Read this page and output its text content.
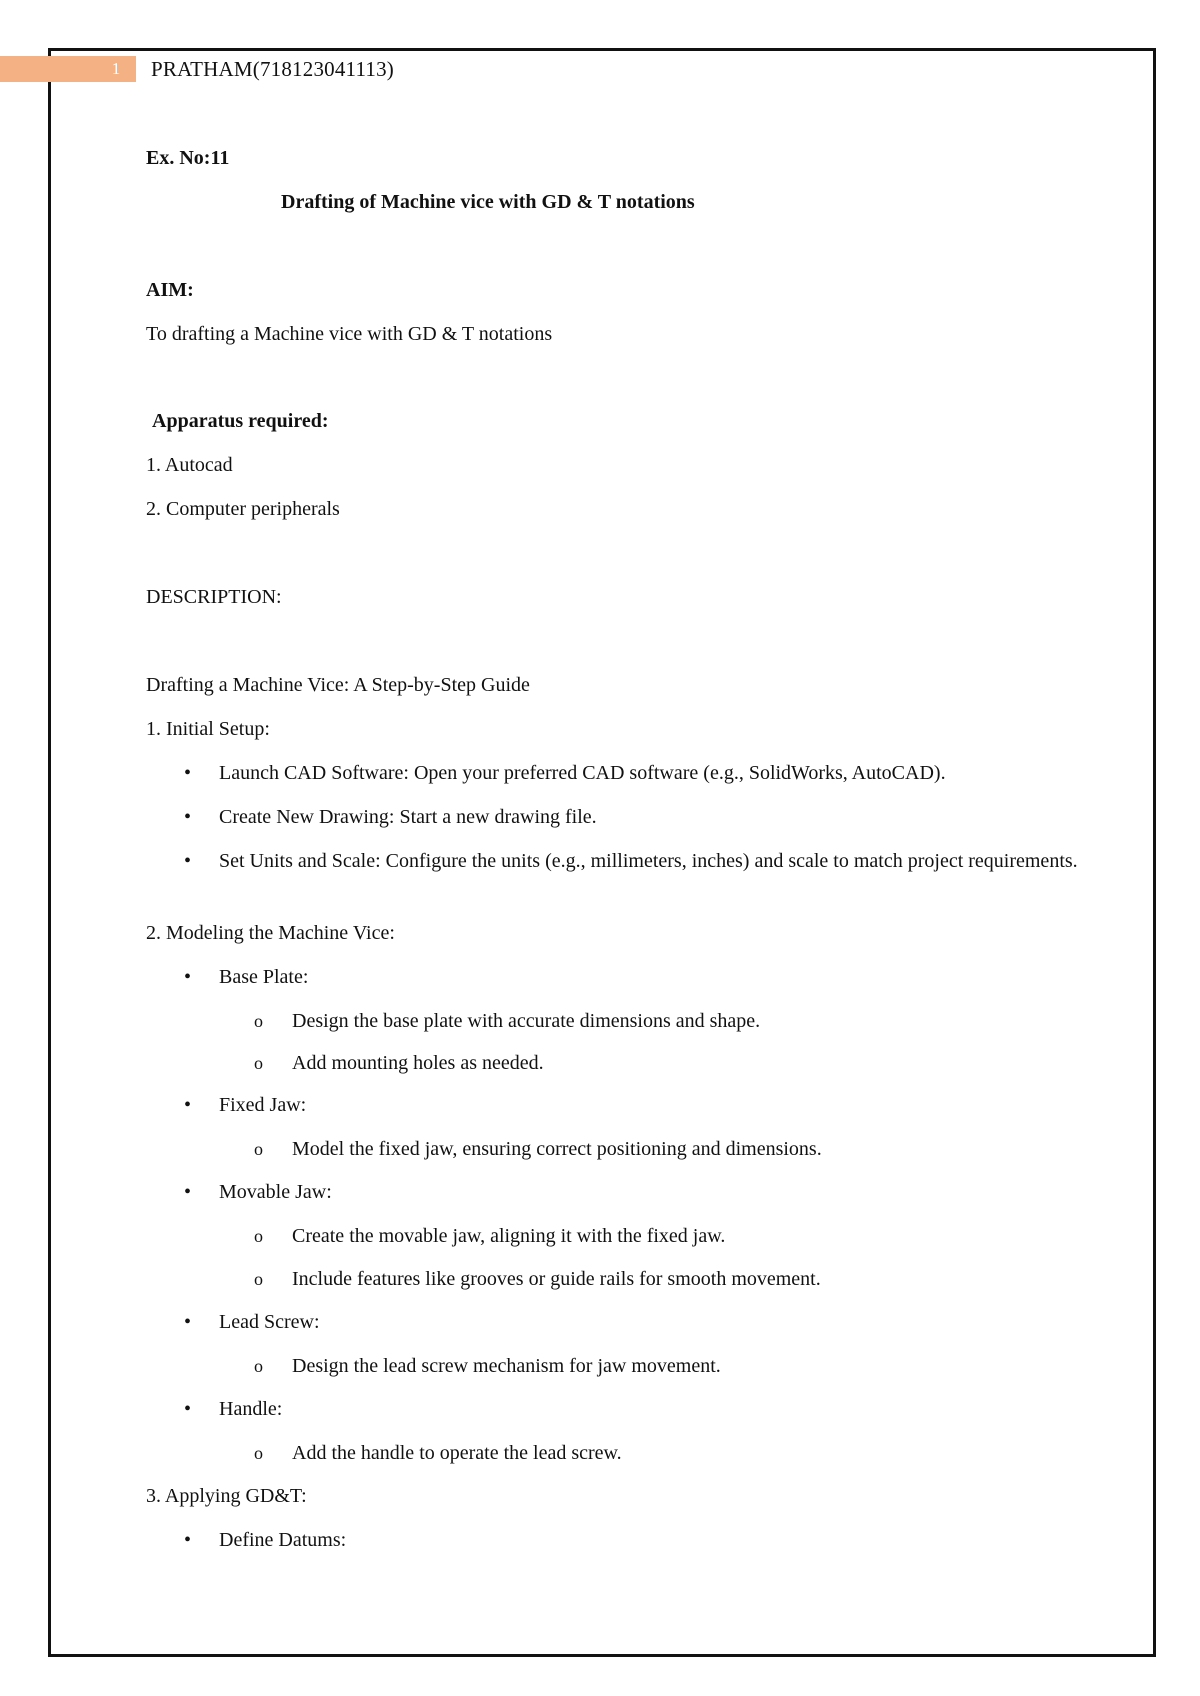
1 PRATHAM(718123041113)
Ex. No:11
Drafting of Machine vice with GD & T notations
AIM:
To drafting a Machine vice with GD & T notations
Apparatus required:
1. Autocad
2. Computer peripherals
DESCRIPTION:
Drafting a Machine Vice: A Step-by-Step Guide
1. Initial Setup:
• Launch CAD Software: Open your preferred CAD software (e.g., SolidWorks, AutoCAD).
• Create New Drawing: Start a new drawing file.
• Set Units and Scale: Configure the units (e.g., millimeters, inches) and scale to match project requirements.
2. Modeling the Machine Vice:
• Base Plate:
o Design the base plate with accurate dimensions and shape.
o Add mounting holes as needed.
• Fixed Jaw:
o Model the fixed jaw, ensuring correct positioning and dimensions.
• Movable Jaw:
o Create the movable jaw, aligning it with the fixed jaw.
o Include features like grooves or guide rails for smooth movement.
• Lead Screw:
o Design the lead screw mechanism for jaw movement.
• Handle:
o Add the handle to operate the lead screw.
3. Applying GD&T:
• Define Datums:
